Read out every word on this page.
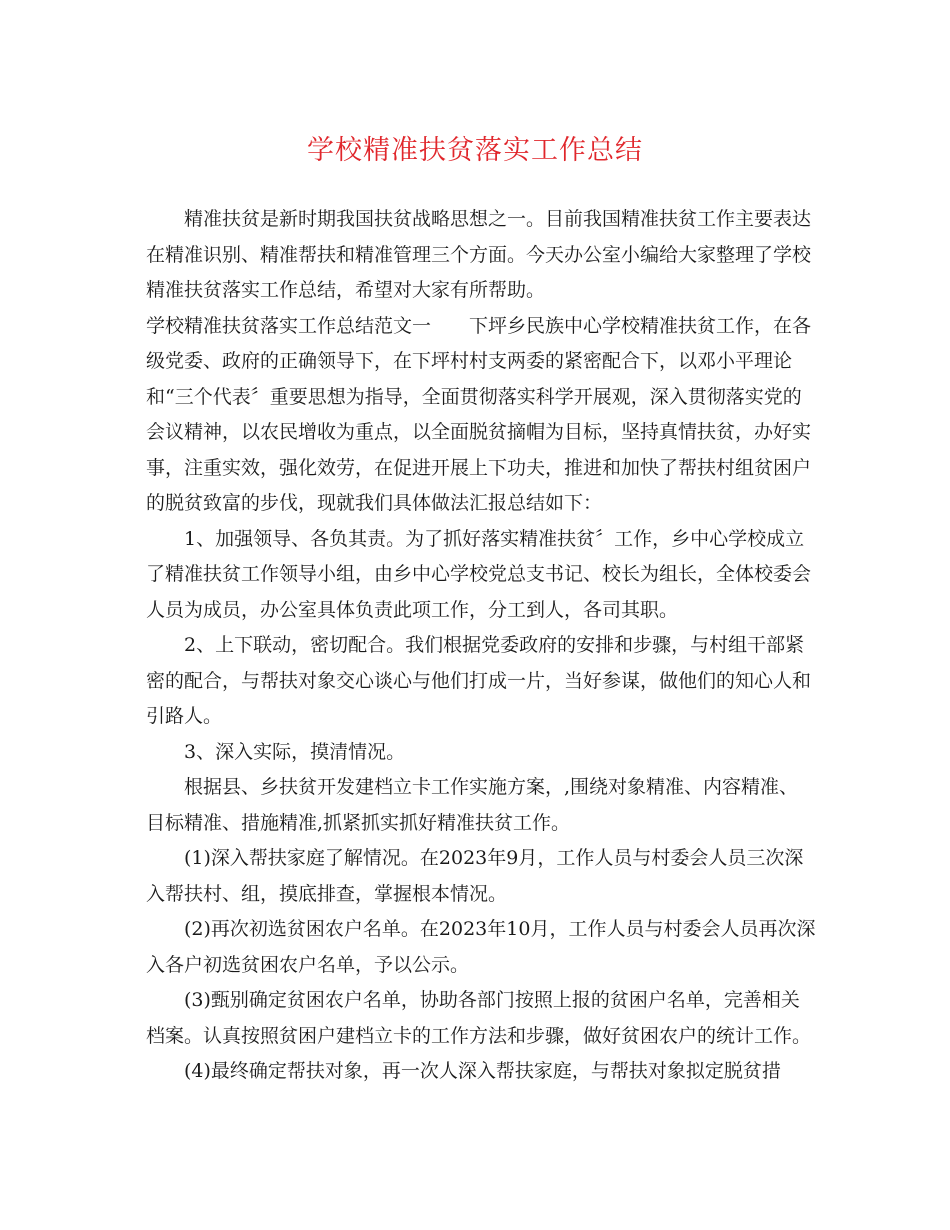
学校精准扶贫落实工作总结

精准扶贫是新时期我国扶贫战略思想之一。目前我国精准扶贫工作主要表达

在精准识别、精准帮扶和精准管理三个方面。今天办公室小编给大家整理了学校

精准扶贫落实工作总结，希望对大家有所帮助。

学校精准扶贫落实工作总结范文一　　下坪乡民族中心学校精准扶贫工作，在各

级党委、政府的正确领导下，在下坪村村支两委的紧密配合下，以邓小平理论

和“三个代表〞重要思想为指导，全面贯彻落实科学开展观，深入贯彻落实党的

会议精神，以农民增收为重点，以全面脱贫摘帽为目标，坚持真情扶贫，办好实

事，注重实效，强化效劳，在促进开展上下功夫，推进和加快了帮扶村组贫困户

的脱贫致富的步伐，现就我们具体做法汇报总结如下：

1、加强领导、各负其责。为了抓好落实精准扶贫〞工作，乡中心学校成立

了精准扶贫工作领导小组，由乡中心学校党总支书记、校长为组长，全体校委会

人员为成员，办公室具体负责此项工作，分工到人，各司其职。

2、上下联动，密切配合。我们根据党委政府的安排和步骤，与村组干部紧

密的配合，与帮扶对象交心谈心与他们打成一片，当好参谋，做他们的知心人和

引路人。

3、深入实际，摸清情况。

根据县、乡扶贫开发建档立卡工作实施方案，,围绕对象精准、内容精准、

目标精准、措施精准,抓紧抓实抓好精准扶贫工作。

(1)深入帮扶家庭了解情况。在2023年9月，工作人员与村委会人员三次深

入帮扶村、组，摸底排查，掌握根本情况。

(2)再次初选贫困农户名单。在2023年10月，工作人员与村委会人员再次深

入各户初选贫困农户名单，予以公示。

(3)甄别确定贫困农户名单，协助各部门按照上报的贫困户名单，完善相关

档案。认真按照贫困户建档立卡的工作方法和步骤，做好贫困农户的统计工作。

(4)最终确定帮扶对象，再一次人深入帮扶家庭，与帮扶对象拟定脱贫措
